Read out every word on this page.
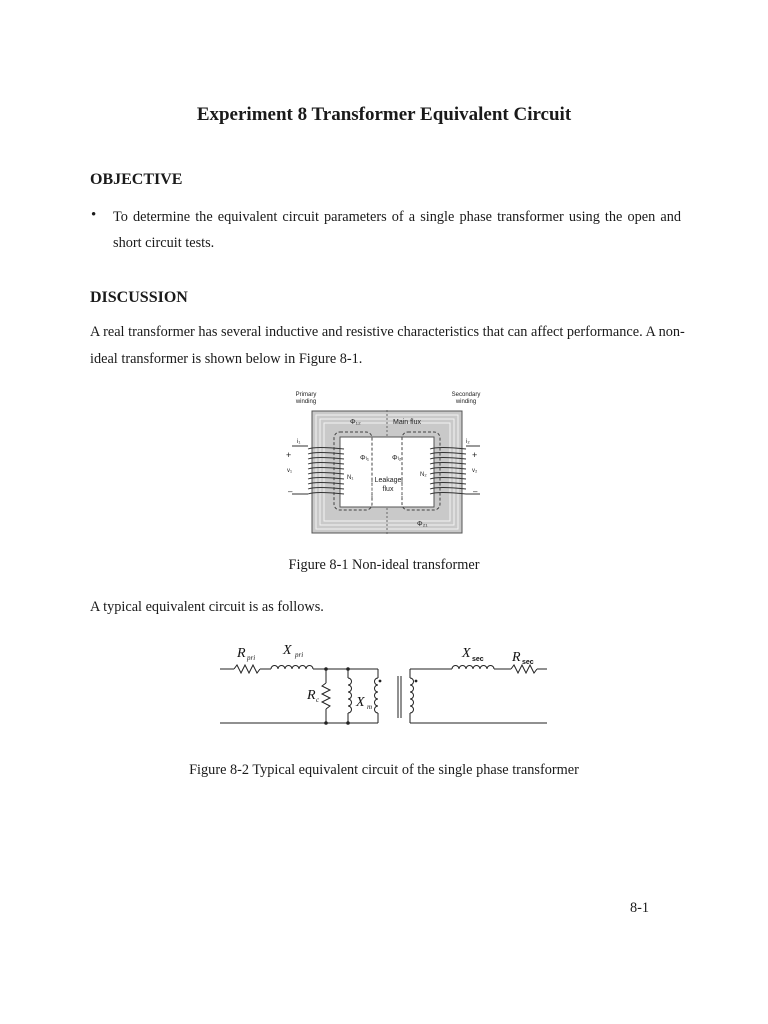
Experiment 8 Transformer Equivalent Circuit
OBJECTIVE
• To determine the equivalent circuit parameters of a single phase transformer using the open and short circuit tests.
DISCUSSION
A real transformer has several inductive and resistive characteristics that can affect performance. A non-ideal transformer is shown below in Figure 8-1.
Primary
winding
Secondary
winding
Φ₁₂	Main flux
Φₗ₁	Φₗ₂
Leakage
flux
Φ₂₁
i₁	i₂
+
v₁
–
+
v₂
–
N₁	N₂
Figure 8-1 Non-ideal transformer
A typical equivalent circuit is as follows.
R pri X pri
R c	X m
X sec R sec
Figure 8-2 Typical equivalent circuit of the single phase transformer
8-1
